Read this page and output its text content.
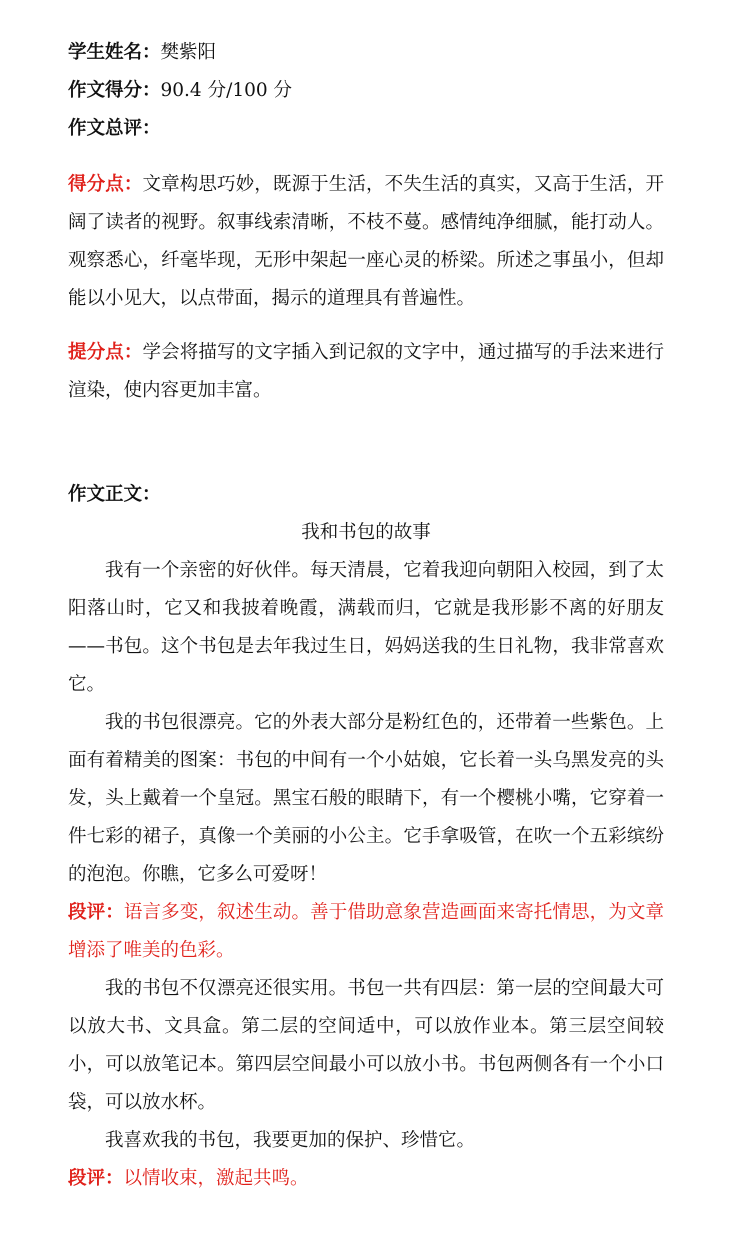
学生姓名：樊紫阳

作文得分：90.4 分/100 分

作文总评：

得分点：文章构思巧妙，既源于生活，不失生活的真实，又高于生活，开阔了读者的视野。叙事线索清晰，不枝不蔓。感情纯净细腻，能打动人。观察悉心，纤毫毕现，无形中架起一座心灵的桥梁。所述之事虽小，但却能以小见大，以点带面，揭示的道理具有普遍性。

提分点：学会将描写的文字插入到记叙的文字中，通过描写的手法来进行渲染，使内容更加丰富。

作文正文：

我和书包的故事

我有一个亲密的好伙伴。每天清晨，它着我迎向朝阳入校园，到了太阳落山时，它又和我披着晚霞，满载而归，它就是我形影不离的好朋友——书包。这个书包是去年我过生日，妈妈送我的生日礼物，我非常喜欢它。

我的书包很漂亮。它的外表大部分是粉红色的，还带着一些紫色。上面有着精美的图案：书包的中间有一个小姑娘，它长着一头乌黑发亮的头发，头上戴着一个皇冠。黑宝石般的眼睛下，有一个樱桃小嘴，它穿着一件七彩的裙子，真像一个美丽的小公主。它手拿吸管，在吹一个五彩缤纷的泡泡。你瞧，它多么可爱呀！

段评：语言多变，叙述生动。善于借助意象营造画面来寄托情思，为文章增添了唯美的色彩。

我的书包不仅漂亮还很实用。书包一共有四层：第一层的空间最大可以放大书、文具盒。第二层的空间适中，可以放作业本。第三层空间较小，可以放笔记本。第四层空间最小可以放小书。书包两侧各有一个小口袋，可以放水杯。

我喜欢我的书包，我要更加的保护、珍惜它。

段评：以情收束，激起共鸣。
